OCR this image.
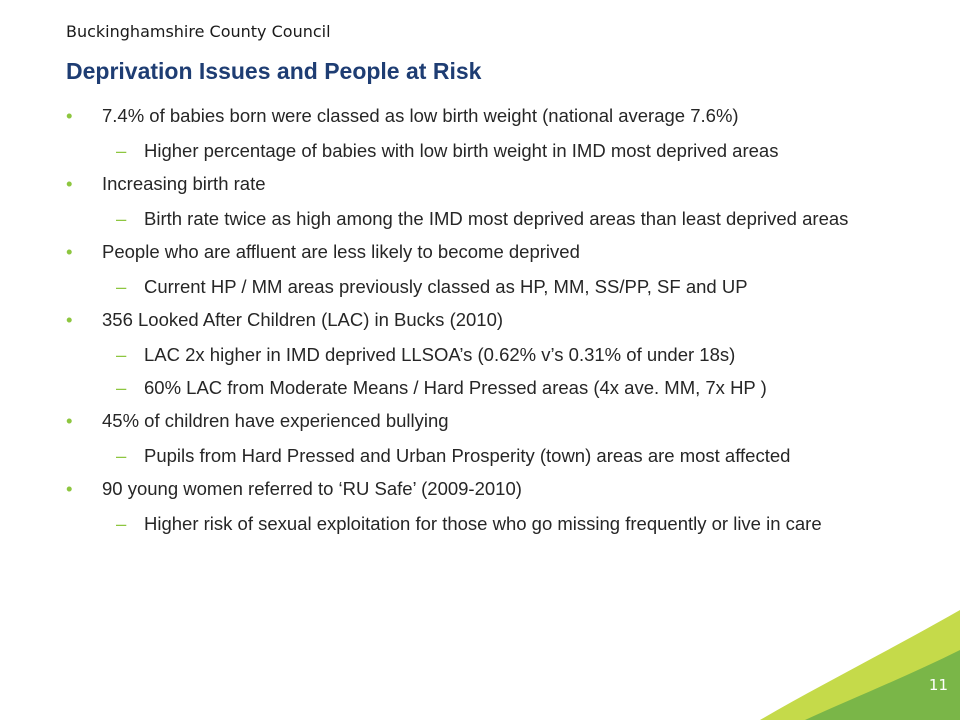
Buckinghamshire County Council
Deprivation Issues and People at Risk
• 7.4% of babies born were classed as low birth weight (national average 7.6%)
– Higher percentage of babies with low birth weight in IMD most deprived areas
• Increasing birth rate
– Birth rate twice as high among the IMD most deprived areas than least deprived areas
• People who are affluent are less likely to become deprived
– Current HP / MM areas previously classed as HP, MM, SS/PP, SF and UP
• 356 Looked After Children (LAC) in Bucks (2010)
– LAC 2x higher in IMD deprived LLSOA’s (0.62% v’s 0.31% of under 18s)
– 60% LAC from Moderate Means / Hard Pressed areas (4x ave. MM, 7x HP )
• 45% of children have experienced bullying
– Pupils from Hard Pressed and Urban Prosperity (town) areas are most affected
• 90 young women referred to ‘RU Safe’ (2009-2010)
– Higher risk of sexual exploitation for those who go missing frequently or live in care
11
